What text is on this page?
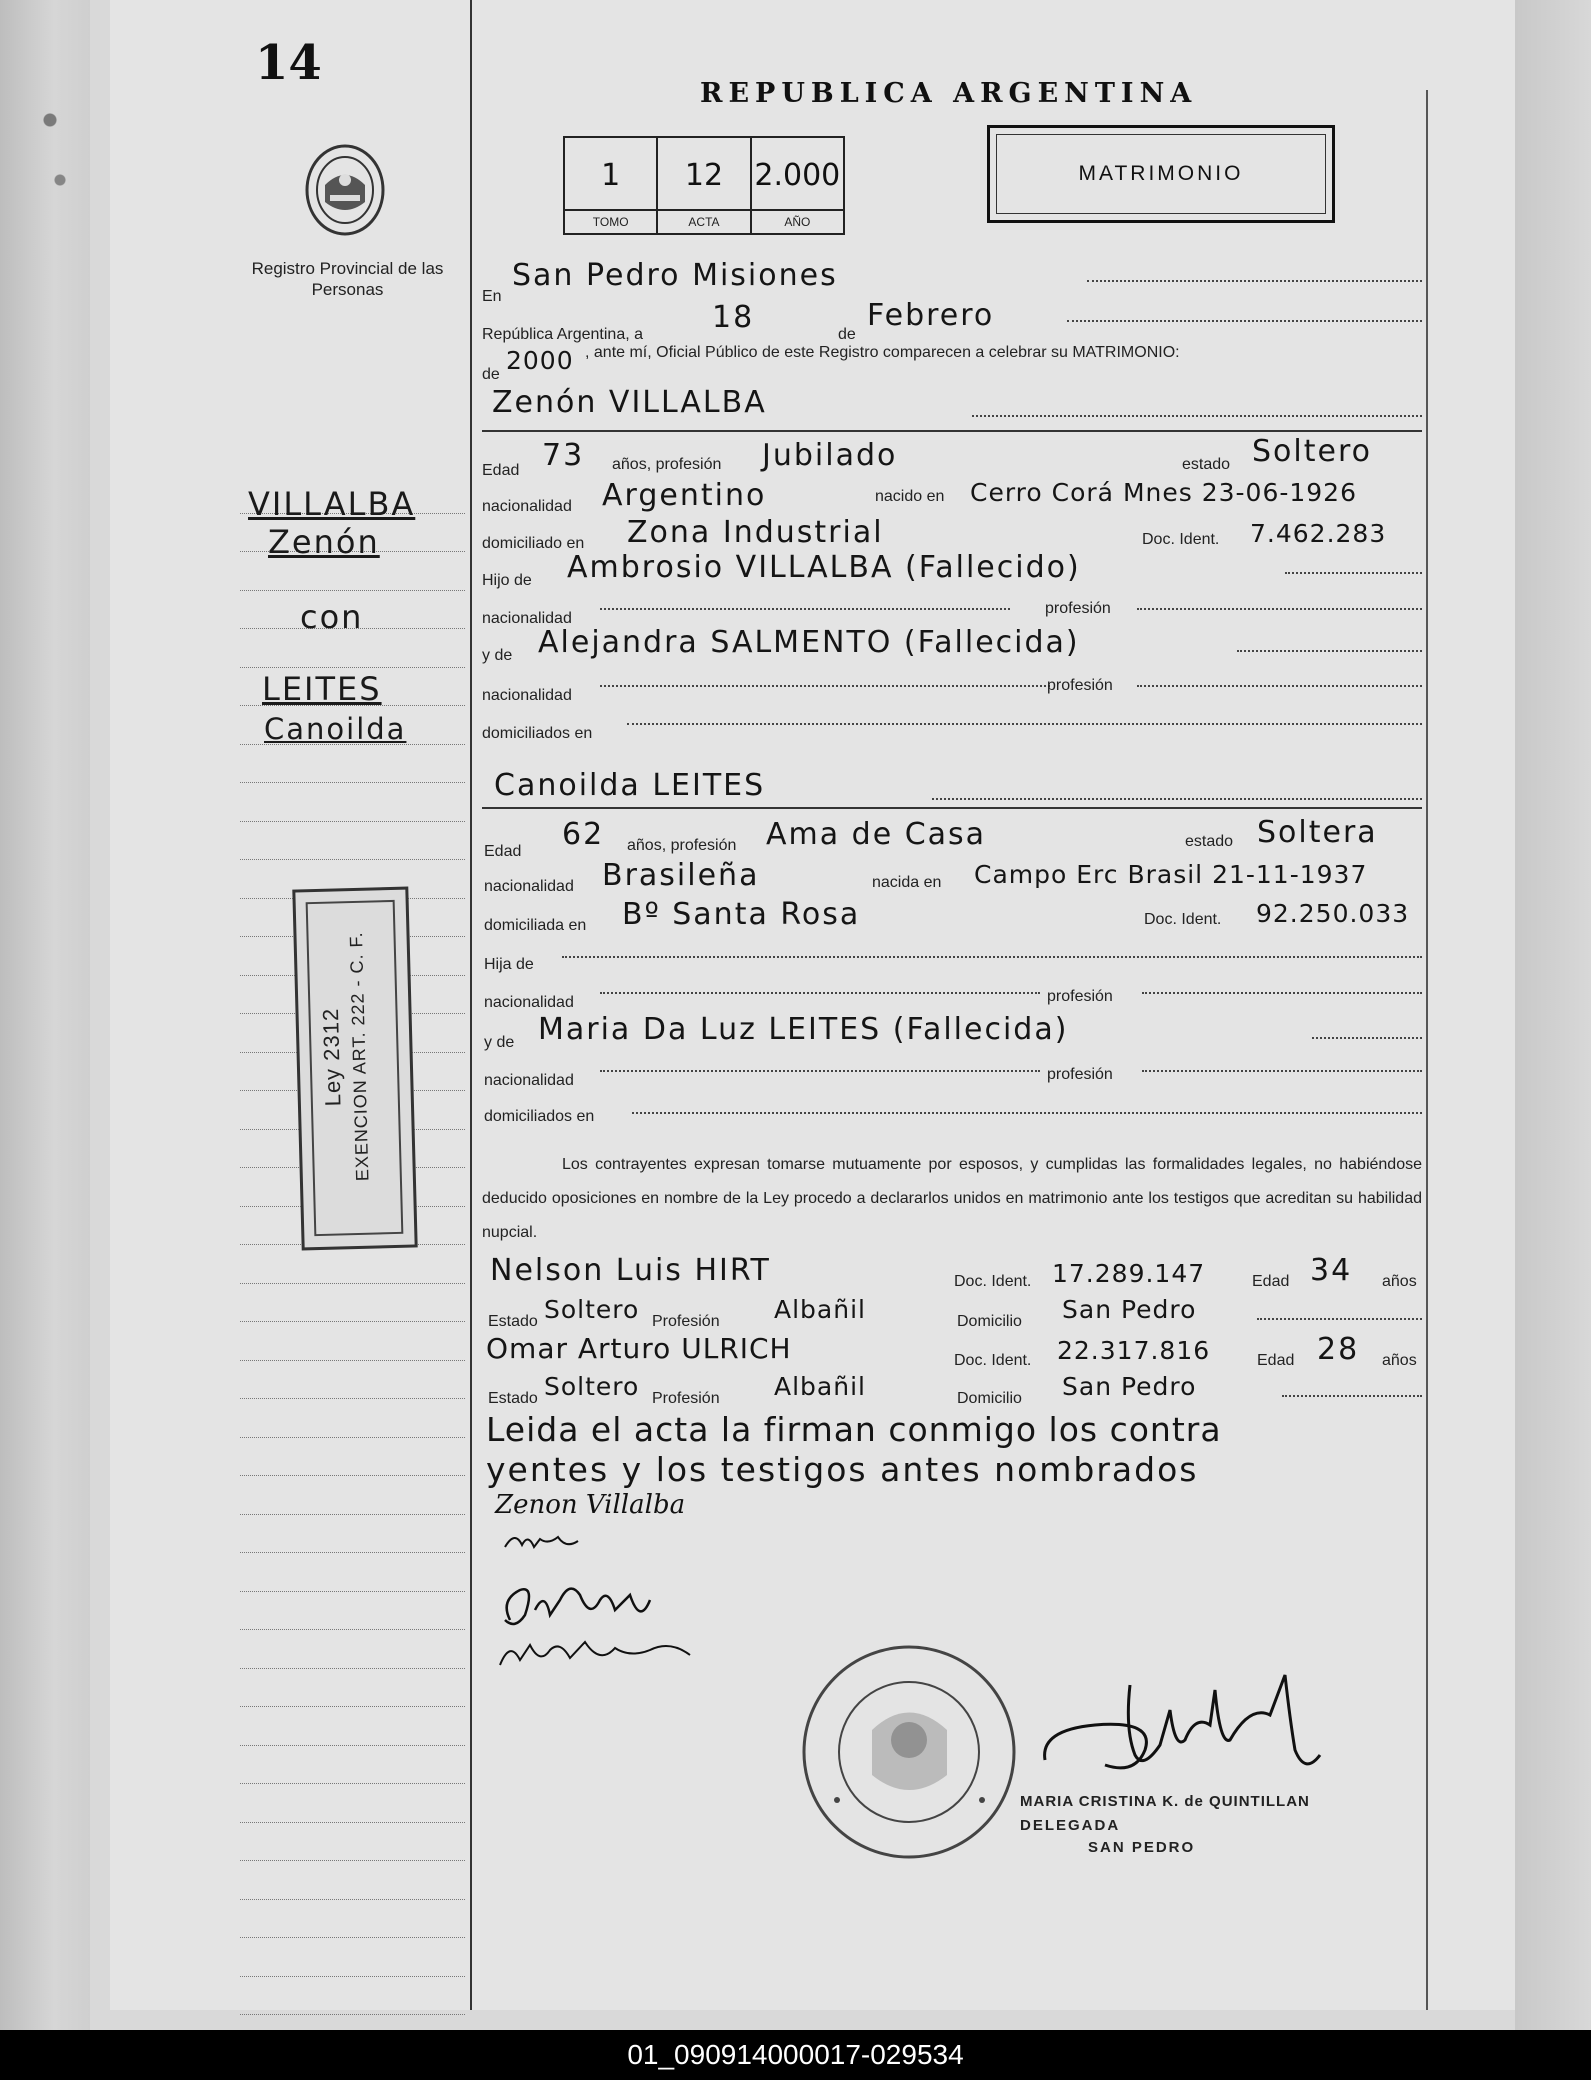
14
Registro Provincial de las Personas
VILLALBA
Zenón
con
LEITES
Canoilda
Ley 2312 EXENCION ART. 222 - C. F.
REPUBLICA ARGENTINA
1
TOMO
12
ACTA
2.000
AÑO
MATRIMONIO
En
San Pedro Misiones
República Argentina, a 18	de
Febrero
de 2000 , ante mí, Oficial Público de este Registro comparecen a celebrar su MATRIMONIO:
Zenón VILLALBA
Edad 73 años, profesión Jubilado	estado Soltero
nacionalidad Argentino	nacido en Cerro Corá Mnes 23-06-1926
domiciliado en Zona Industrial	Doc. Ident. 7.462.283
Hijo de Ambrosio VILLALBA (Fallecido)
nacionalidad
profesión
y de Alejandra SALMENTO (Fallecida)
nacionalidad
profesión
domiciliados en
Canoilda LEITES
Edad 62 años, profesión Ama de Casa	estado Soltera
nacionalidad Brasileña	nacida en Campo Erc Brasil 21-11-1937
domiciliada en Bº Santa Rosa	Doc. Ident. 92.250.033
Hija de
nacionalidad	profesión
y de Maria Da Luz LEITES (Fallecida)
nacionalidad	profesión
domiciliados en
Los contrayentes expresan tomarse mutuamente por esposos, y cumplidas las formalidades legales, no habiéndose deducido oposiciones en nombre de la Ley procedo a declararlos unidos en matrimonio ante los testigos que acreditan su habilidad nupcial.
Nelson Luis HIRT	Doc. Ident. 17.289.147	Edad 34 años
Estado Soltero Profesión Albañil	Domicilio San Pedro
Omar Arturo ULRICH	Doc. Ident. 22.317.816	Edad 28 años
Estado Soltero Profesión Albañil	Domicilio San Pedro
Leida el acta la firman conmigo los contra
yentes y los testigos antes nombrados
Zenon Villalba
MARIA CRISTINA K. de QUINTILLAN
DELEGADA
SAN PEDRO
01_090914000017-029534
